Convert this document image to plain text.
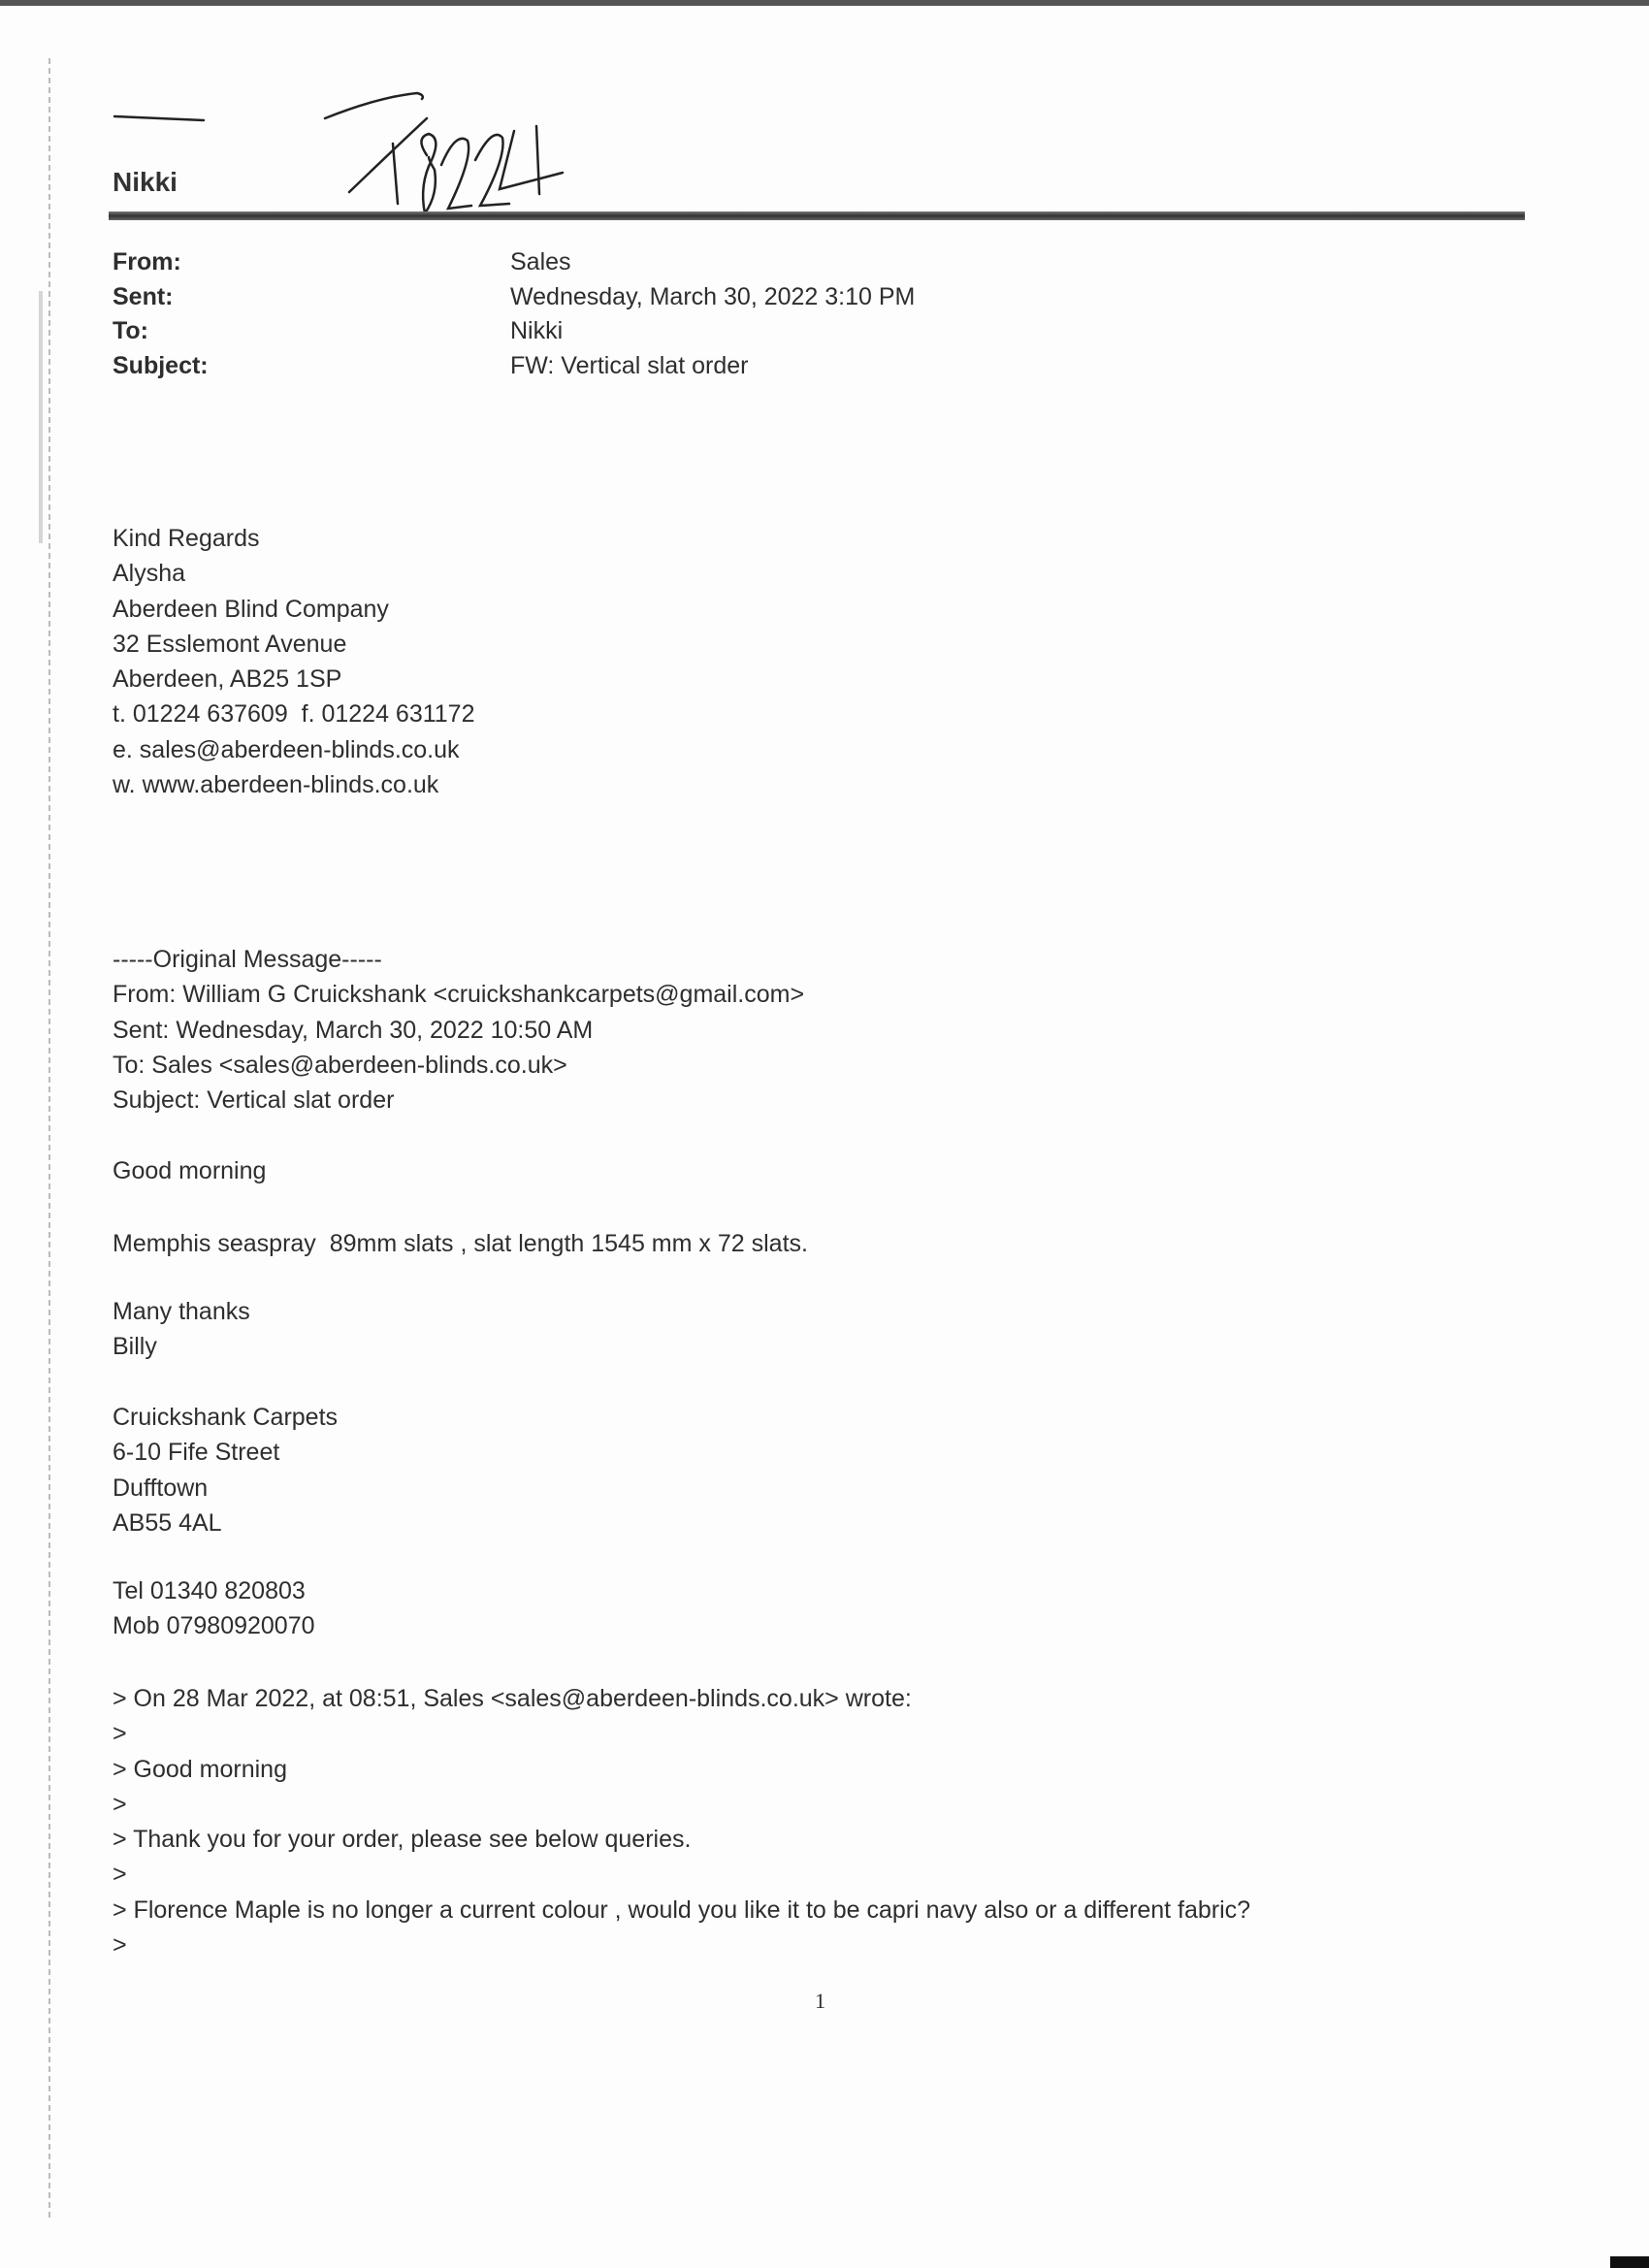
Nikki
From:	Sales
Sent:	Wednesday, March 30, 2022 3:10 PM
To:	Nikki
Subject:	FW: Vertical slat order
Kind Regards
Alysha
Aberdeen Blind Company
32 Esslemont Avenue
Aberdeen, AB25 1SP
t. 01224 637609  f. 01224 631172
e. sales@aberdeen-blinds.co.uk
w. www.aberdeen-blinds.co.uk
-----Original Message-----
From: William G Cruickshank <cruickshankcarpets@gmail.com>
Sent: Wednesday, March 30, 2022 10:50 AM
To: Sales <sales@aberdeen-blinds.co.uk>
Subject: Vertical slat order
Good morning
Memphis seaspray  89mm slats , slat length 1545 mm x 72 slats.
Many thanks
Billy
Cruickshank Carpets
6-10 Fife Street
Dufftown
AB55 4AL
Tel 01340 820803
Mob 07980920070
> On 28 Mar 2022, at 08:51, Sales <sales@aberdeen-blinds.co.uk> wrote:
>
> Good morning
>
> Thank you for your order, please see below queries.
>
> Florence Maple is no longer a current colour , would you like it to be capri navy also or a different fabric?
>
1
